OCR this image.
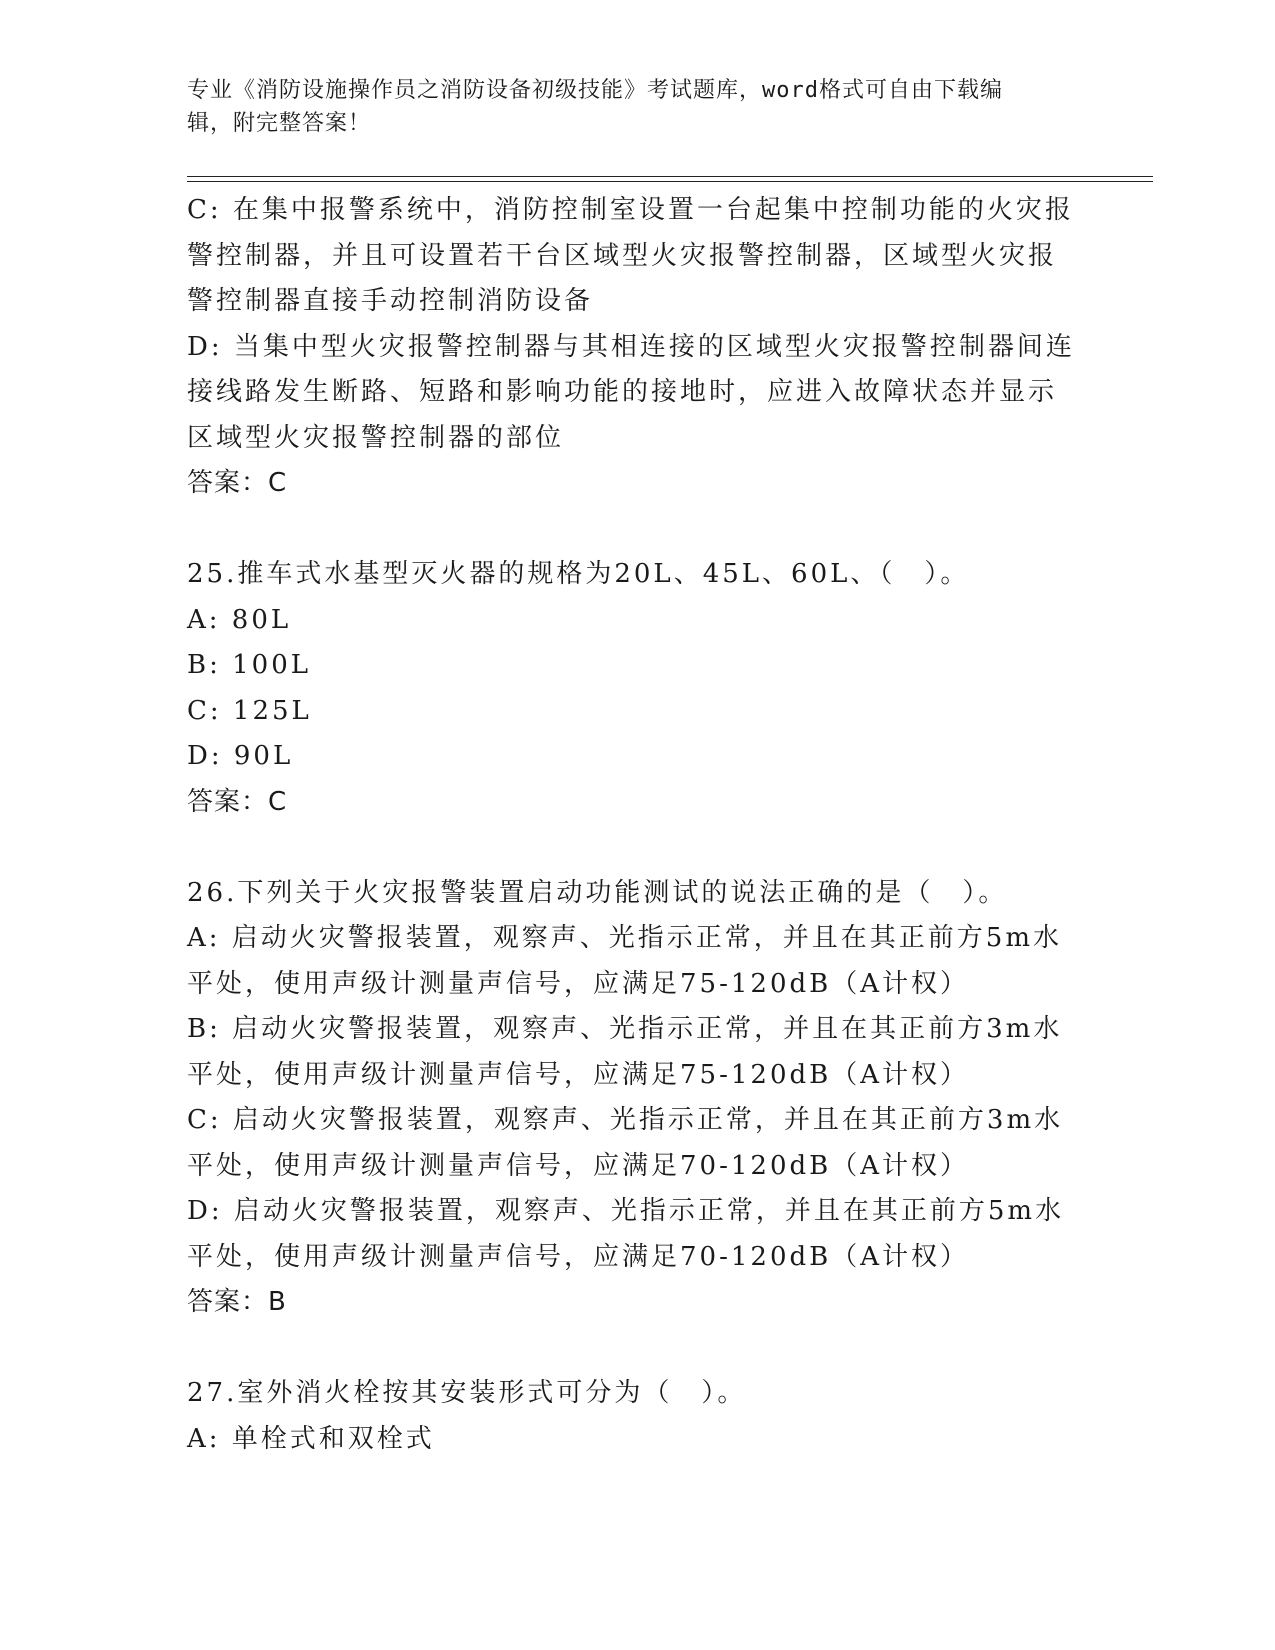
专业《消防设施操作员之消防设备初级技能》考试题库，word格式可自由下载编
辑，附完整答案！
C: 在集中报警系统中，消防控制室设置一台起集中控制功能的火灾报
警控制器，并且可设置若干台区域型火灾报警控制器，区域型火灾报
警控制器直接手动控制消防设备
D: 当集中型火灾报警控制器与其相连接的区域型火灾报警控制器间连
接线路发生断路、短路和影响功能的接地时，应进入故障状态并显示
区域型火灾报警控制器的部位
答案：C
25.推车式水基型灭火器的规格为20L、45L、60L、（　）。
A: 80L
B: 100L
C: 125L
D: 90L
答案：C
26.下列关于火灾报警装置启动功能测试的说法正确的是（　）。
A: 启动火灾警报装置，观察声、光指示正常，并且在其正前方5m水
平处，使用声级计测量声信号，应满足75-120dB（A计权）
B: 启动火灾警报装置，观察声、光指示正常，并且在其正前方3m水
平处，使用声级计测量声信号，应满足75-120dB（A计权）
C: 启动火灾警报装置，观察声、光指示正常，并且在其正前方3m水
平处，使用声级计测量声信号，应满足70-120dB（A计权）
D: 启动火灾警报装置，观察声、光指示正常，并且在其正前方5m水
平处，使用声级计测量声信号，应满足70-120dB（A计权）
答案：B
27.室外消火栓按其安装形式可分为（　）。
A: 单栓式和双栓式
